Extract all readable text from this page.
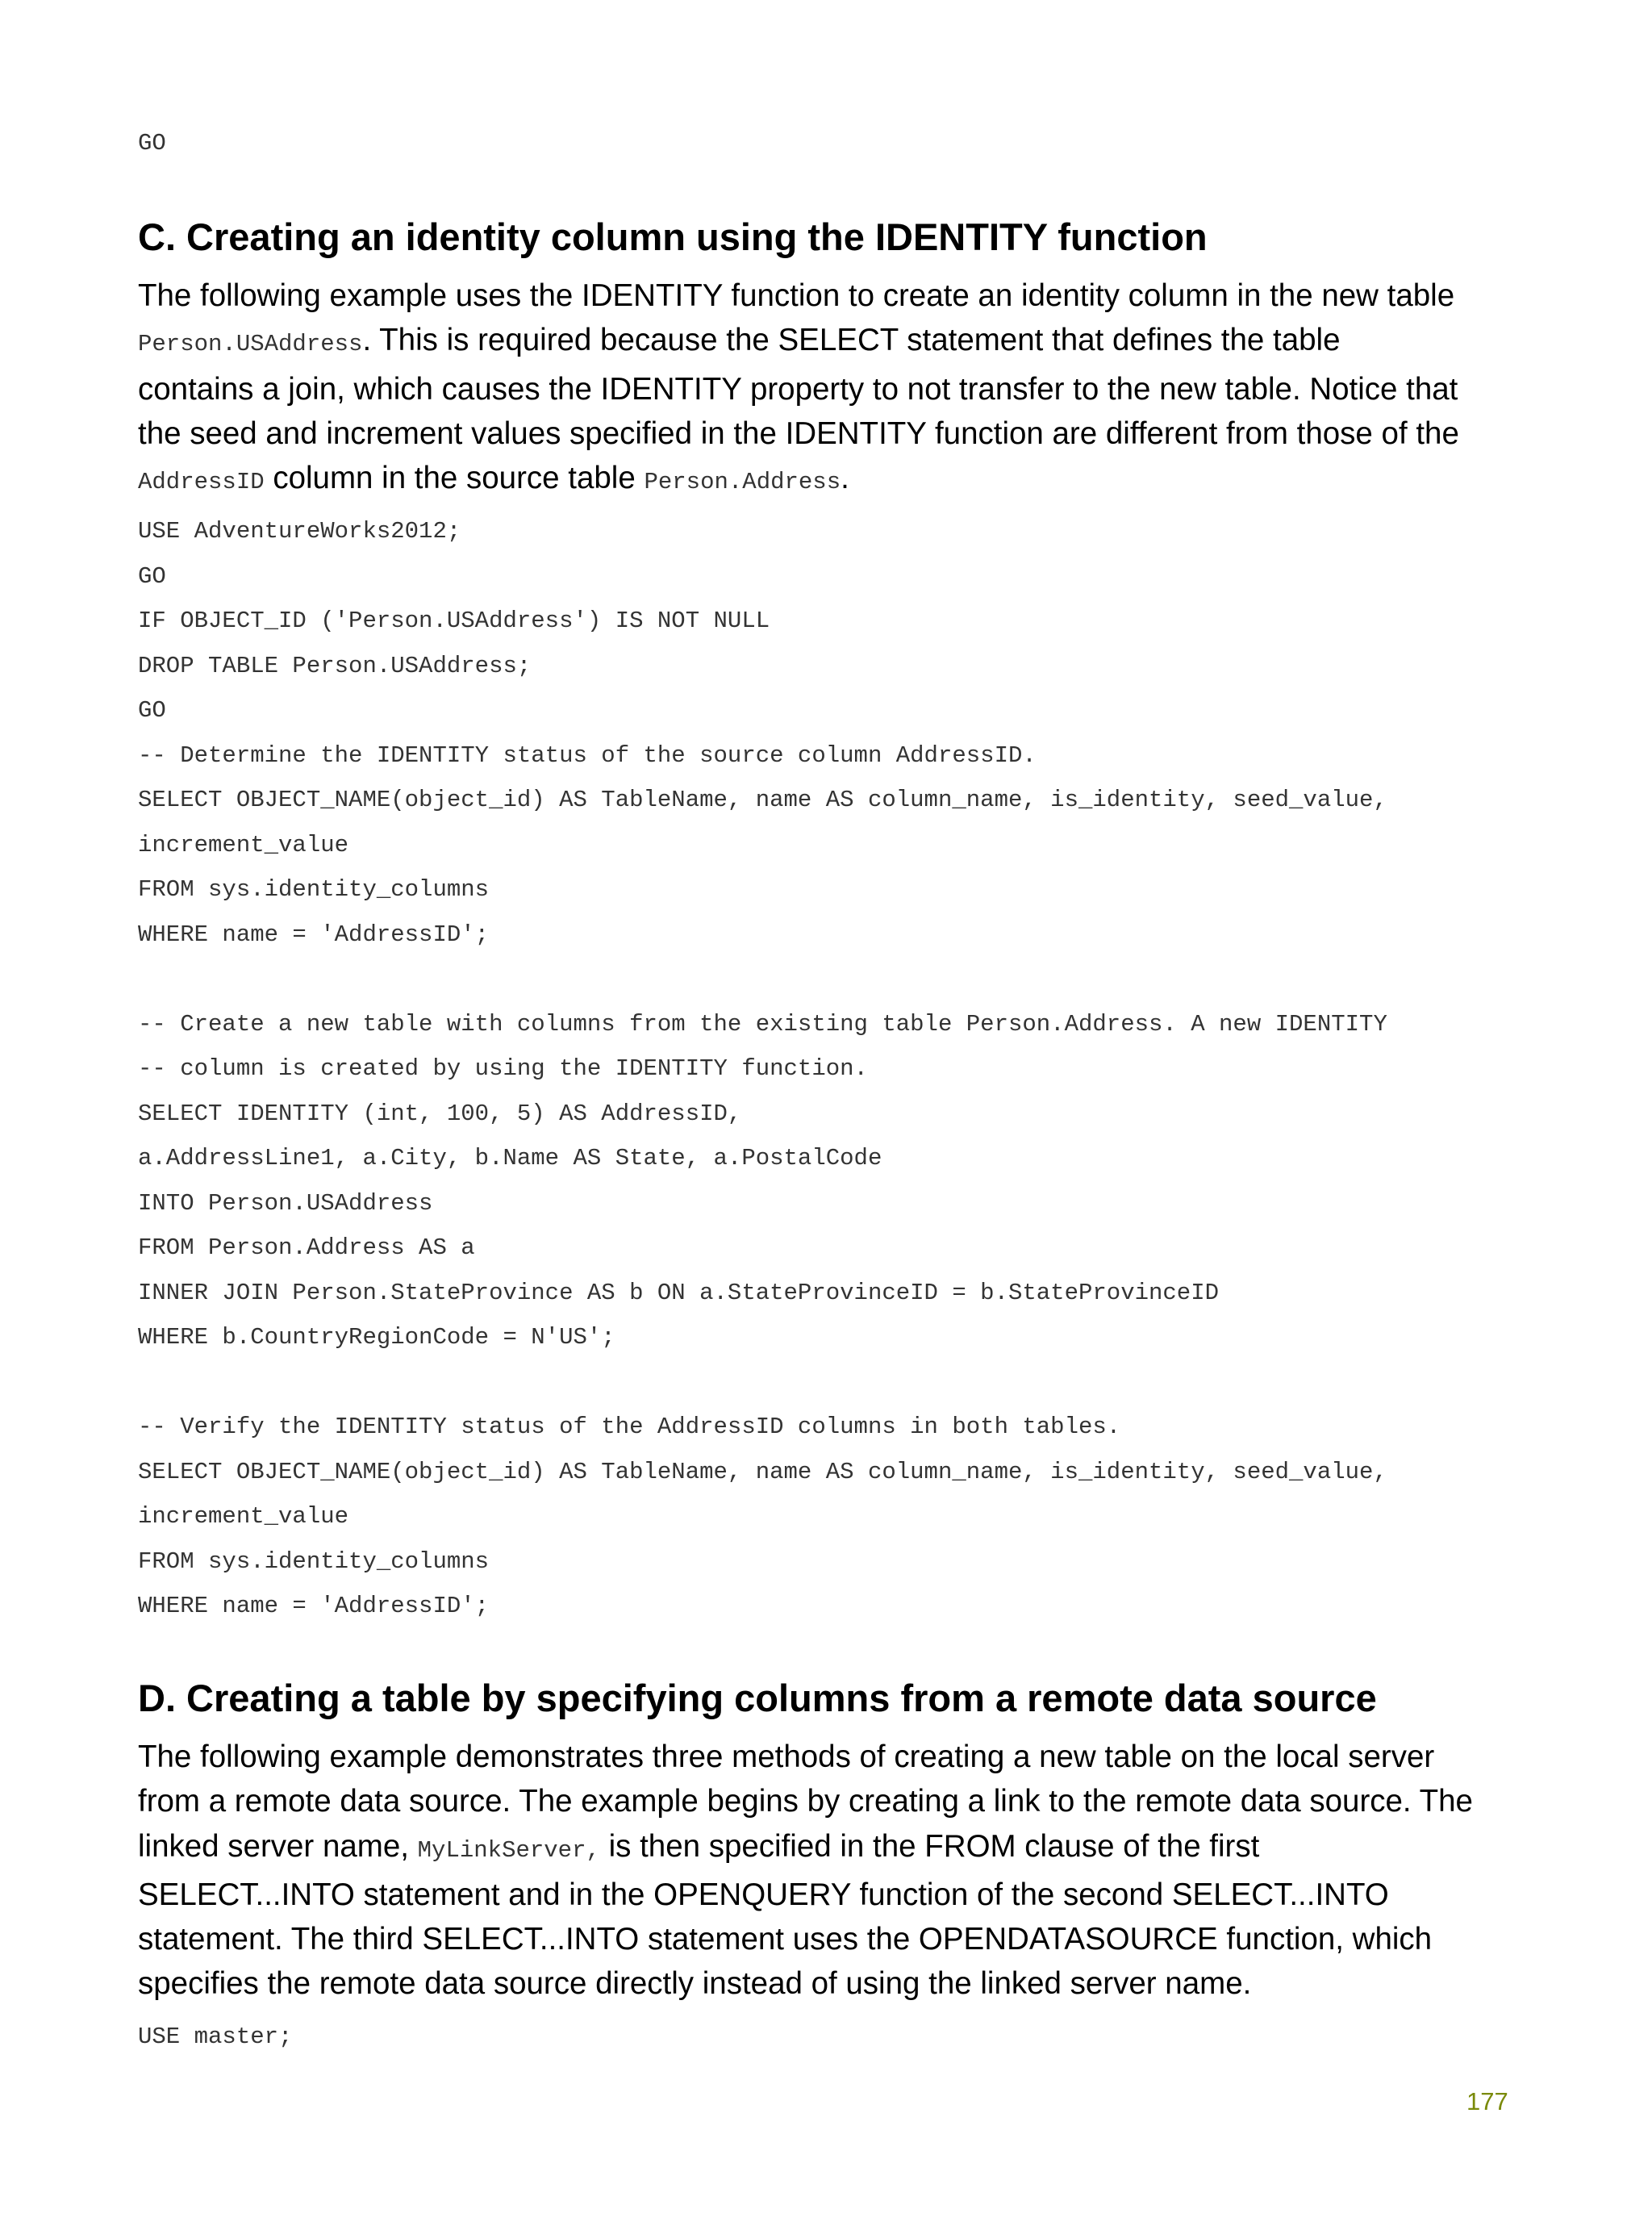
GO
C. Creating an identity column using the IDENTITY function

The following example uses the IDENTITY function to create an identity column in the new table
Person.USAddress. This is required because the SELECT statement that defines the table
contains a join, which causes the IDENTITY property to not transfer to the new table. Notice that
the seed and increment values specified in the IDENTITY function are different from those of the
AddressID column in the source table Person.Address.

USE AdventureWorks2012;
GO
IF OBJECT_ID ('Person.USAddress') IS NOT NULL
DROP TABLE Person.USAddress;
GO
-- Determine the IDENTITY status of the source column AddressID.
SELECT OBJECT_NAME(object_id) AS TableName, name AS column_name, is_identity, seed_value,
increment_value
FROM sys.identity_columns
WHERE name = 'AddressID';

-- Create a new table with columns from the existing table Person.Address. A new IDENTITY
-- column is created by using the IDENTITY function.
SELECT IDENTITY (int, 100, 5) AS AddressID,
a.AddressLine1, a.City, b.Name AS State, a.PostalCode
INTO Person.USAddress
FROM Person.Address AS a
INNER JOIN Person.StateProvince AS b ON a.StateProvinceID = b.StateProvinceID
WHERE b.CountryRegionCode = N'US';

-- Verify the IDENTITY status of the AddressID columns in both tables.
SELECT OBJECT_NAME(object_id) AS TableName, name AS column_name, is_identity, seed_value,
increment_value
FROM sys.identity_columns
WHERE name = 'AddressID';
D. Creating a table by specifying columns from a remote data source

The following example demonstrates three methods of creating a new table on the local server
from a remote data source. The example begins by creating a link to the remote data source. The
linked server name, MyLinkServer, is then specified in the FROM clause of the first
SELECT...INTO statement and in the OPENQUERY function of the second SELECT...INTO
statement. The third SELECT...INTO statement uses the OPENDATASOURCE function, which
specifies the remote data source directly instead of using the linked server name.

USE master;
177
